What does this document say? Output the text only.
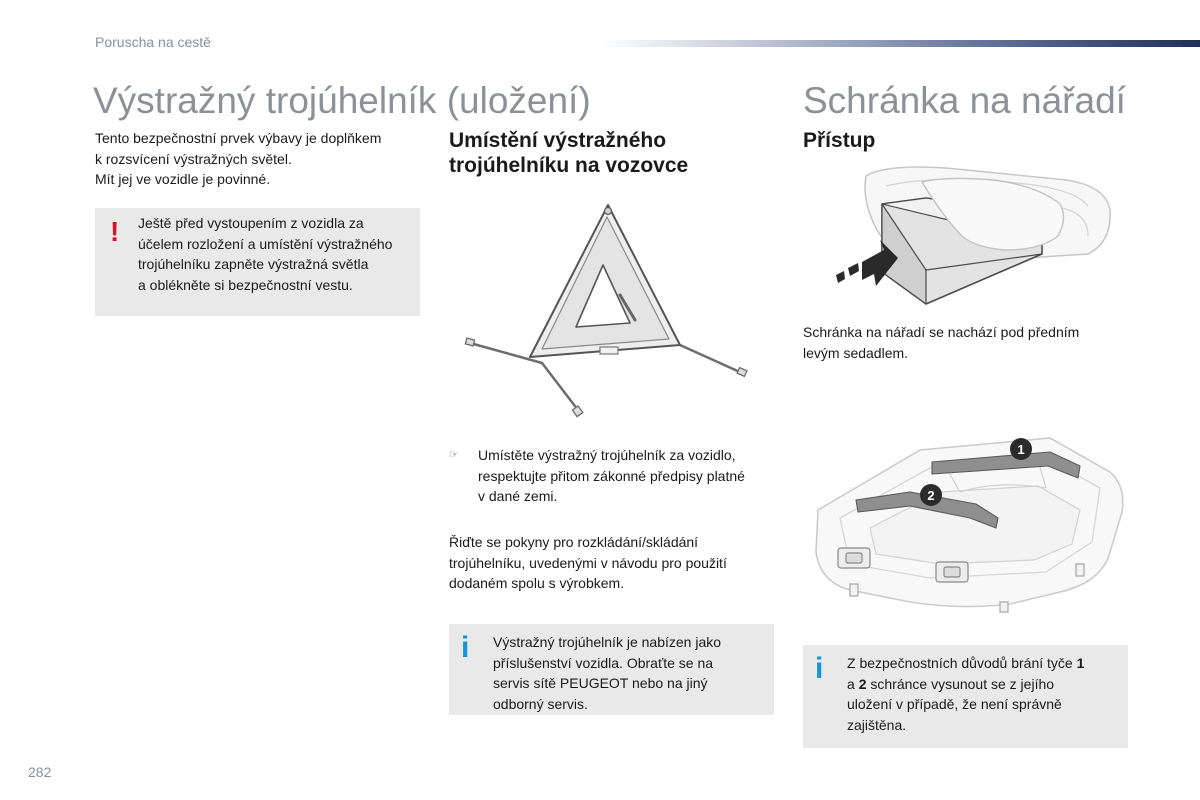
Poruscha na cestě
Výstražný trojúhelník (uložení)

Tento bezpečnostní prvek výbavy je doplňkem

k rozsvícení výstražných světel.

Mít jej ve vozidle je povinné.

! Ještě před vystoupením z vozidla za

účelem rozložení a umístění výstražného

trojúhelníku zapněte výstražná světla

a oblékněte si bezpečnostní vestu.

Umístění výstražného
trojúhelníku na vozovce
☞ Umístěte výstražný trojúhelník za vozidlo,

respektujte přitom zákonné předpisy platné

v dané zemi.

Řiďte se pokyny pro rozkládání/skládání

trojúhelníku, uvedenými v návodu pro použití

dodaném spolu s výrobkem.

i Výstražný trojúhelník je nabízen jako

příslušenství vozidla. Obraťte se na

servis sítě PEUGEOT nebo na jiný

odborný servis.

Schránka na nářadí
Přístup

Schránka na nářadí se nachází pod předním

levým sedadlem.

1
2
i Z bezpečnostních důvodů brání tyče 1

a 2 schránce vysunout se z jejího

uložení v případě, že není správně

zajištěna.

282
